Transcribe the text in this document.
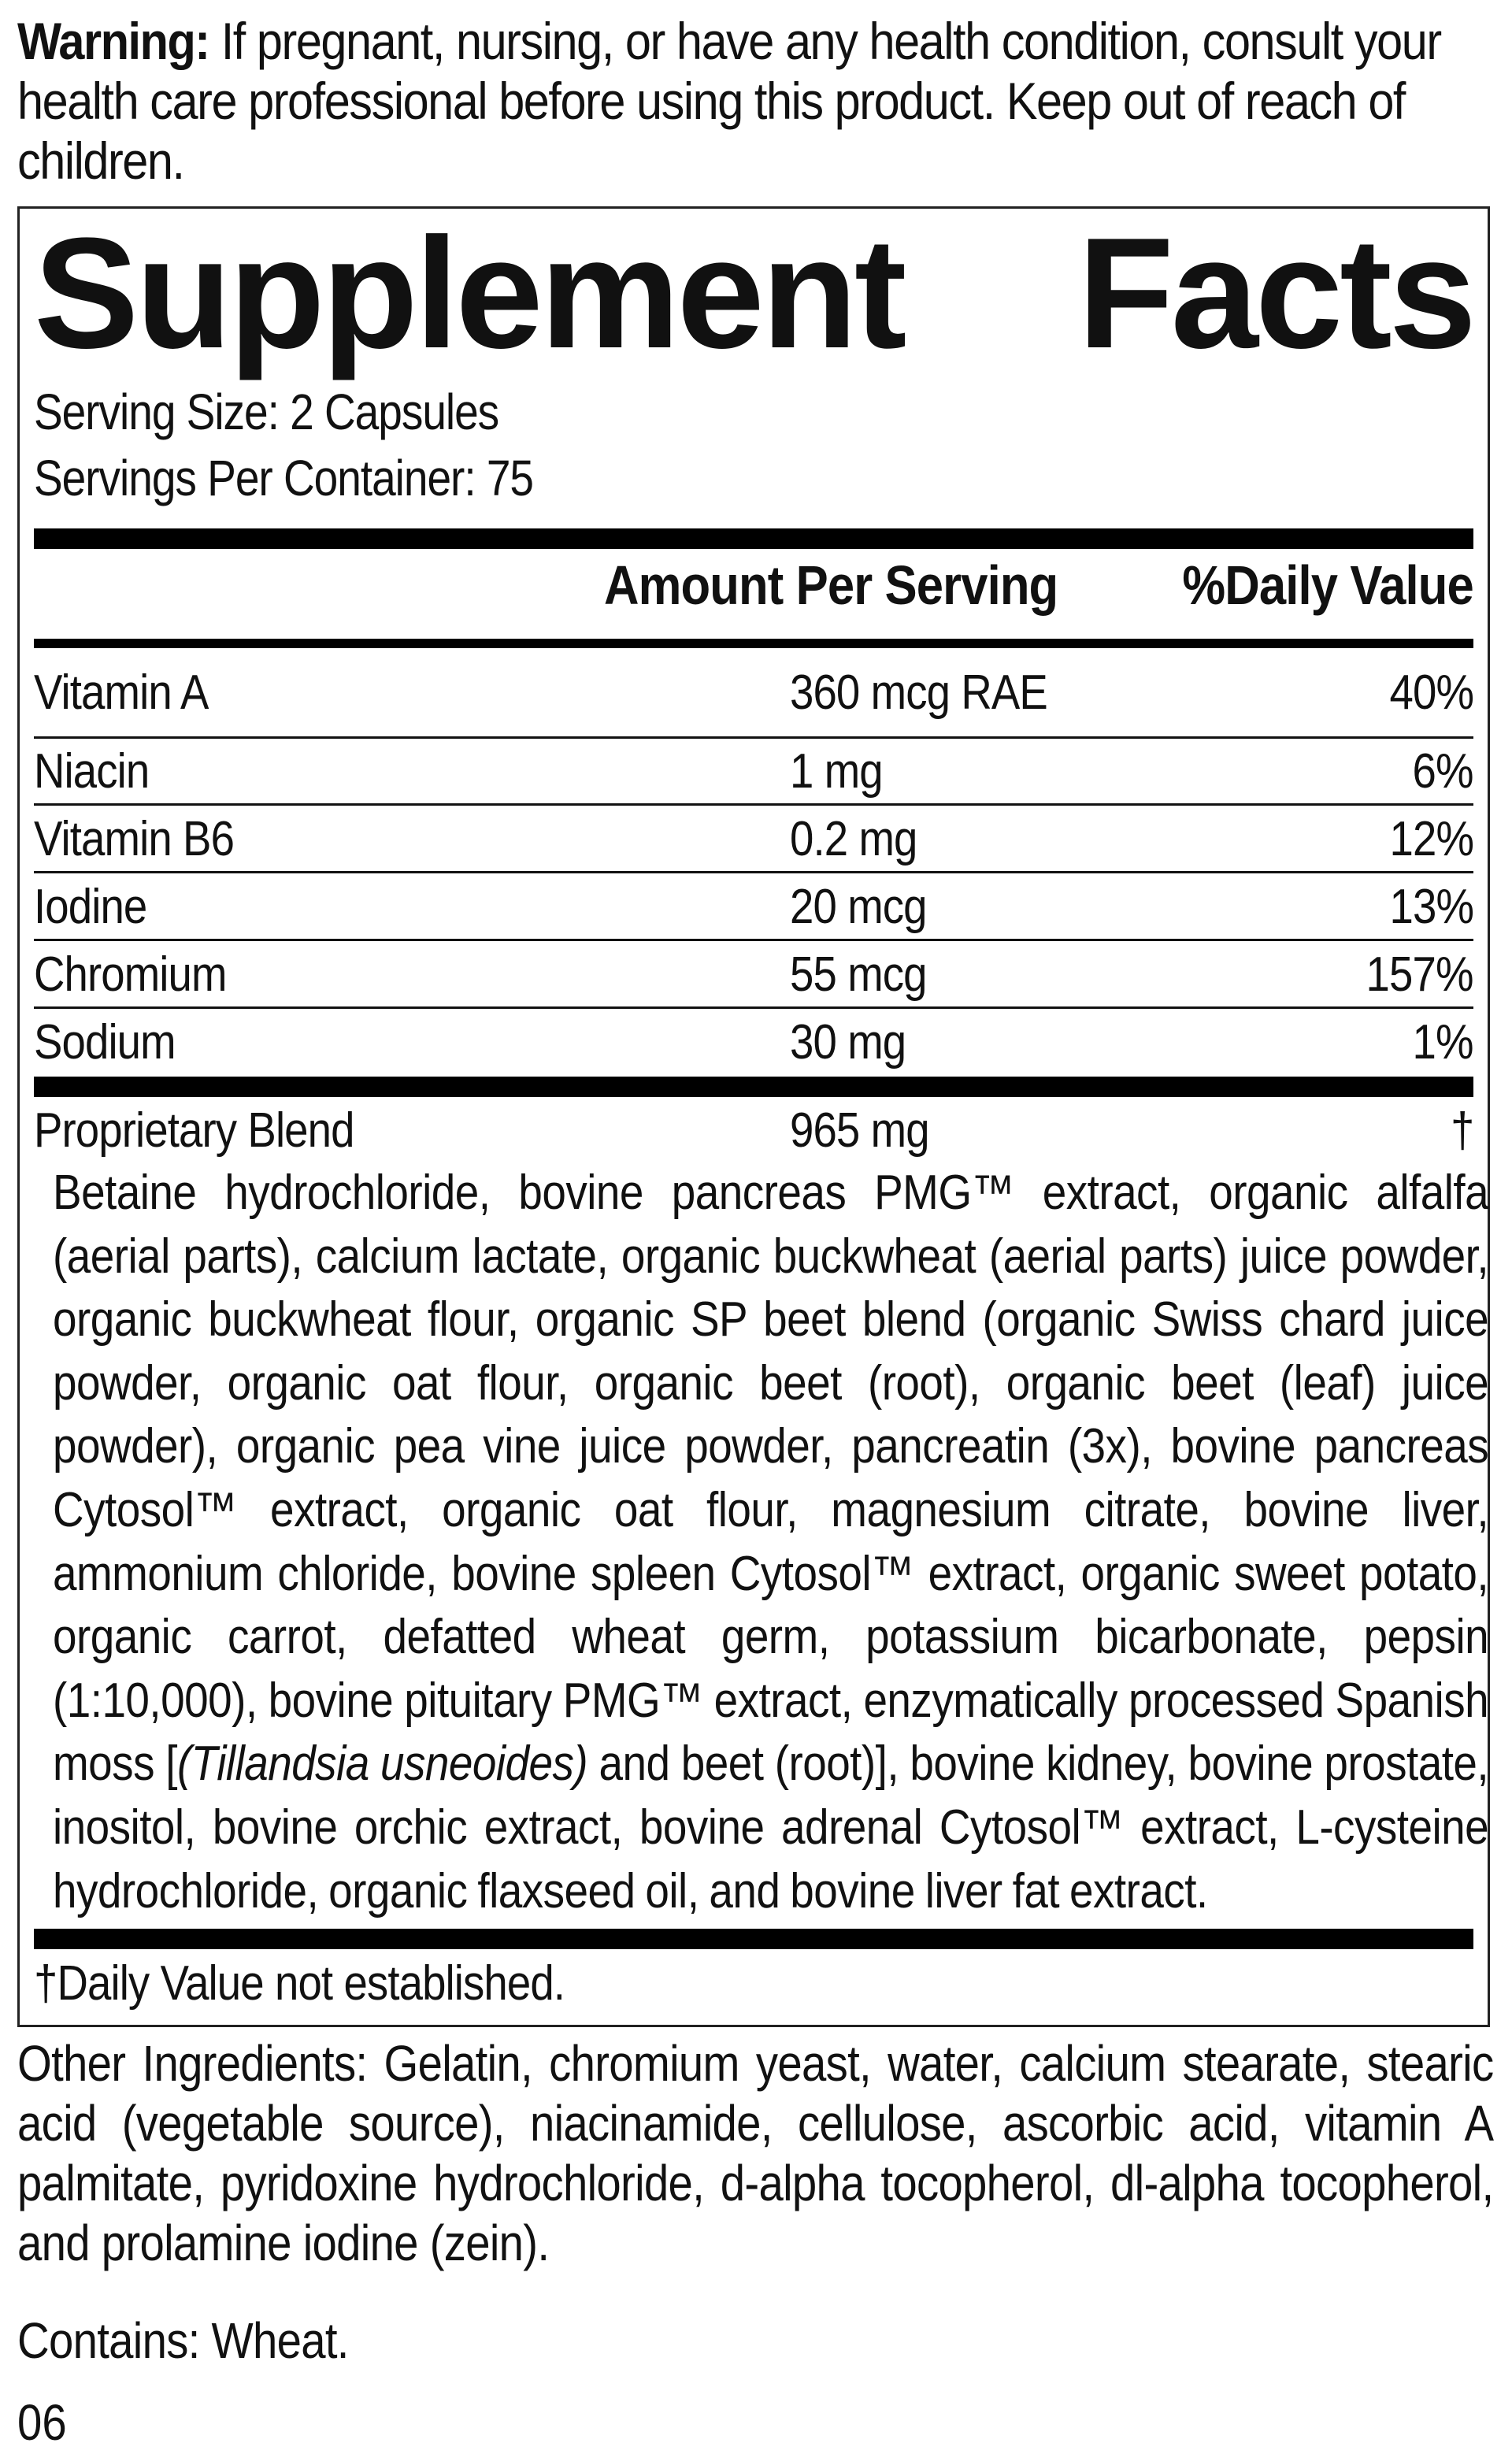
Warning: If pregnant, nursing, or have any health condition, consult your health care professional before using this product. Keep out of reach of children.
Supplement Facts
Serving Size: 2 Capsules
Servings Per Container: 75
Amount Per Serving %Daily Value
Vitamin A	360 mcg RAE	40%
Niacin	1 mg	6%
Vitamin B6	0.2 mg	12%
Iodine	20 mcg	13%
Chromium	55 mcg	157%
Sodium	30 mg	1%
Proprietary Blend	965 mg	†
Betaine hydrochloride, bovine pancreas PMG™ extract, organic alfalfa (aerial parts), calcium lactate, organic buckwheat (aerial parts) juice powder, organic buckwheat flour, organic SP beet blend (organic Swiss chard juice powder, organic oat flour, organic beet (root), organic beet (leaf) juice powder), organic pea vine juice powder, pancreatin (3x), bovine pancreas Cytosol™ extract, organic oat flour, magnesium citrate, bovine liver, ammonium chloride, bovine spleen Cytosol™ extract, organic sweet potato, organic carrot, defatted wheat germ, potassium bicarbonate, pepsin (1:10,000), bovine pituitary PMG™ extract, enzymatically processed Spanish moss [(Tillandsia usneoides) and beet (root)], bovine kidney, bovine prostate, inositol, bovine orchic extract, bovine adrenal Cytosol™ extract, L-cysteine hydrochloride, organic flaxseed oil, and bovine liver fat extract.
†Daily Value not established.
Other Ingredients: Gelatin, chromium yeast, water, calcium stearate, stearic acid (vegetable source), niacinamide, cellulose, ascorbic acid, vitamin A palmitate, pyridoxine hydrochloride, d-alpha tocopherol, dl-alpha tocopherol, and prolamine iodine (zein).
Contains: Wheat.
06
